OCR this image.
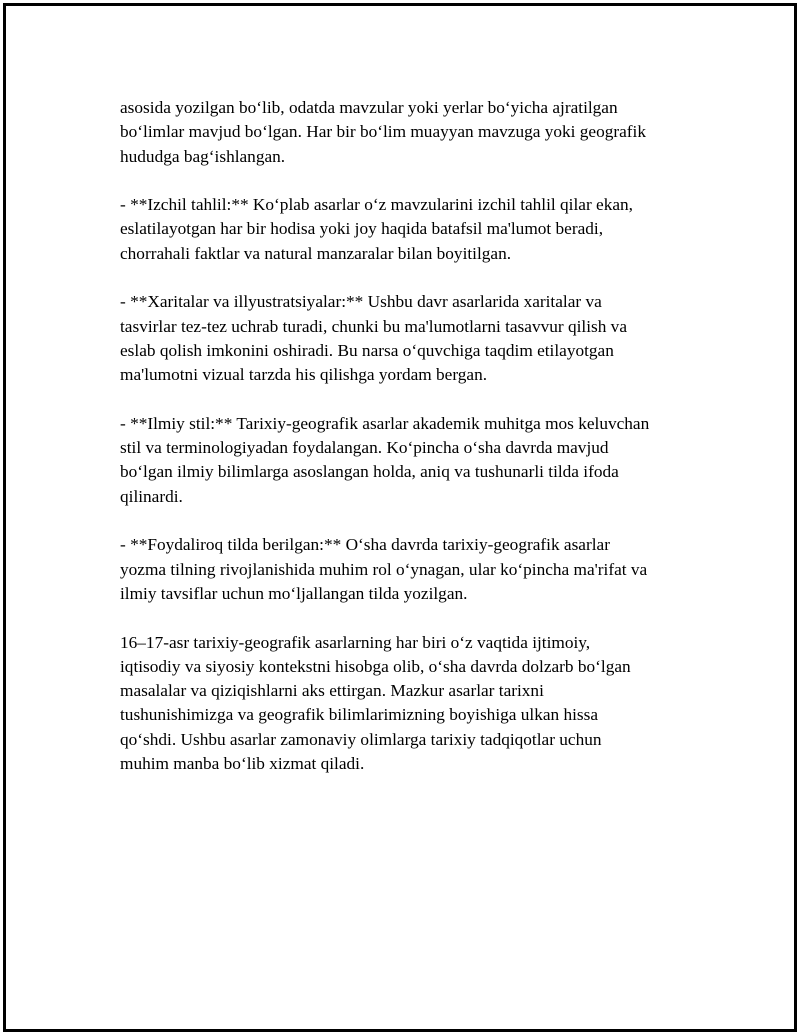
asosida yozilgan boʻlib, odatda mavzular yoki yerlar boʻyicha ajratilgan
boʻlimlar mavjud boʻlgan. Har bir boʻlim muayyan mavzuga yoki geografik
hududga bagʻishlangan.

- **Izchil tahlil:** Koʻplab asarlar oʻz mavzularini izchil tahlil qilar ekan,
eslatilayotgan har bir hodisa yoki joy haqida batafsil ma'lumot beradi,
chorrahali faktlar va natural manzaralar bilan boyitilgan.

- **Xaritalar va illyustratsiyalar:** Ushbu davr asarlarida xaritalar va
tasvirlar tez-tez uchrab turadi, chunki bu ma'lumotlarni tasavvur qilish va
eslab qolish imkonini oshiradi. Bu narsa oʻquvchiga taqdim etilayotgan
ma'lumotni vizual tarzda his qilishga yordam bergan.

- **Ilmiy stil:** Tarixiy-geografik asarlar akademik muhitga mos keluvchan
stil va terminologiyadan foydalangan. Koʻpincha oʻsha davrda mavjud
boʻlgan ilmiy bilimlarga asoslangan holda, aniq va tushunarli tilda ifoda
qilinardi.

- **Foydaliroq tilda berilgan:** Oʻsha davrda tarixiy-geografik asarlar
yozma tilning rivojlanishida muhim rol oʻynagan, ular koʻpincha ma'rifat va
ilmiy tavsiflar uchun moʻljallangan tilda yozilgan.

16–17-asr tarixiy-geografik asarlarning har biri oʻz vaqtida ijtimoiy,
iqtisodiy va siyosiy kontekstni hisobga olib, oʻsha davrda dolzarb boʻlgan
masalalar va qiziqishlarni aks ettirgan. Mazkur asarlar tarixni
tushunishimizga va geografik bilimlarimizning boyishiga ulkan hissa
qoʻshdi. Ushbu asarlar zamonaviy olimlarga tarixiy tadqiqotlar uchun
muhim manba boʻlib xizmat qiladi.
